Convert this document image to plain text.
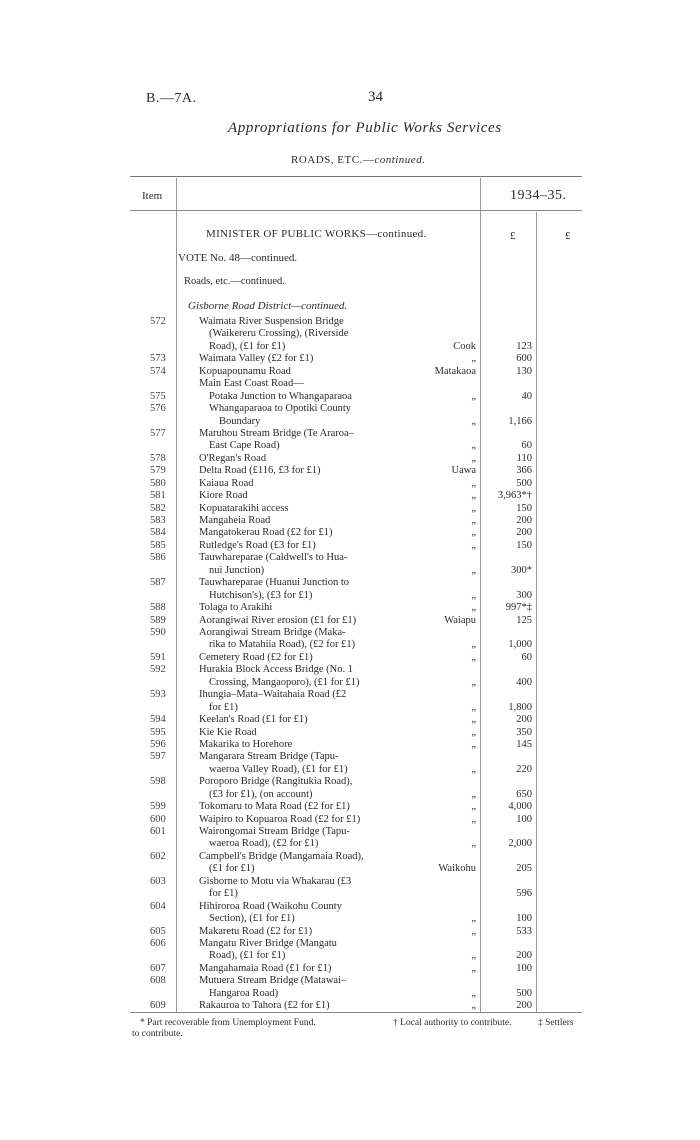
B.—7A.	34
Appropriations for Public Works Services
ROADS, ETC.—continued.
Item	1934–35.
£	£
MINISTER OF PUBLIC WORKS—continued.
VOTE No. 48—continued.
Roads, etc.—continued.
Gisborne Road District—continued.
572	Waimata River Suspension Bridge
(Waikereru Crossing), (Riverside
Road), (£1 for £1)	Cook	123
573	Waimata Valley (£2 for £1)	„	600
574	Kopuapounamu Road	Matakaoa	130
Main East Coast Road—
575	Potaka Junction to Whangaparaoa	„	40
576	Whangaparaoa to Opotiki County
Boundary	„	1,166
577	Maruhou Stream Bridge (Te Araroa–
East Cape Road)	„	60
578	O'Regan's Road	„	110
579	Delta Road (£116, £3 for £1)	Uawa	366
580	Kaiaua Road	„	500
581	Kiore Road	„	3,963*†
582	Kopuatarakihi access	„	150
583	Mangaheia Road	„	200
584	Mangatokerau Road (£2 for £1)	„	200
585	Rutledge's Road (£3 for £1)	„	150
586	Tauwhareparae (Caldwell's to Hua-
nui Junction)	„	300*
587	Tauwhareparae (Huanui Junction to
Hutchison's), (£3 for £1)	„	300
588	Tolaga to Arakihi	„	997*‡
589	Aorangiwai River erosion (£1 for £1)	Waiapu	125
590	Aorangiwai Stream Bridge (Maka-
rika to Matahiia Road), (£2 for £1)	„	1,000
591	Cemetery Road (£2 for £1)	„	60
592	Hurakia Block Access Bridge (No. 1
Crossing, Mangaoporo), (£1 for £1)	„	400
593	Ihungia–Mata–Waitahaia Road (£2
for £1)	„	1,800
594	Keelan's Road (£1 for £1)	„	200
595	Kie Kie Road	„	350
596	Makarika to Horehore	„	145
597	Mangarara Stream Bridge (Tapu-
waeroa Valley Road), (£1 for £1)	„	220
598	Poroporo Bridge (Rangitukia Road),
(£3 for £1), (on account)	„	650
599	Tokomaru to Mata Road (£2 for £1)	„	4,000
600	Waipiro to Kopuaroa Road (£2 for £1)	„	100
601	Wairongomai Stream Bridge (Tapu-
waeroa Road), (£2 for £1)	„	2,000
602	Campbell's Bridge (Mangamaia Road),
(£1 for £1)	Waikohu	205
603	Gisborne to Motu via Whakarau (£3
for £1)	596
604	Hihiroroa Road (Waikohu County
Section), (£1 for £1)	„	100
605	Makaretu Road (£2 for £1)	„	533
606	Mangatu River Bridge (Mangatu
Road), (£1 for £1)	„	200
607	Mangahamaia Road (£1 for £1)	„	100
608	Mutuera Stream Bridge (Matawai–
Hangaroa Road)	„	500
609	Rakauroa to Tahora (£2 for £1)	„	200
* Part recoverable from Unemployment Fund.	† Local authority to contribute.	‡ Settlers
to contribute.
